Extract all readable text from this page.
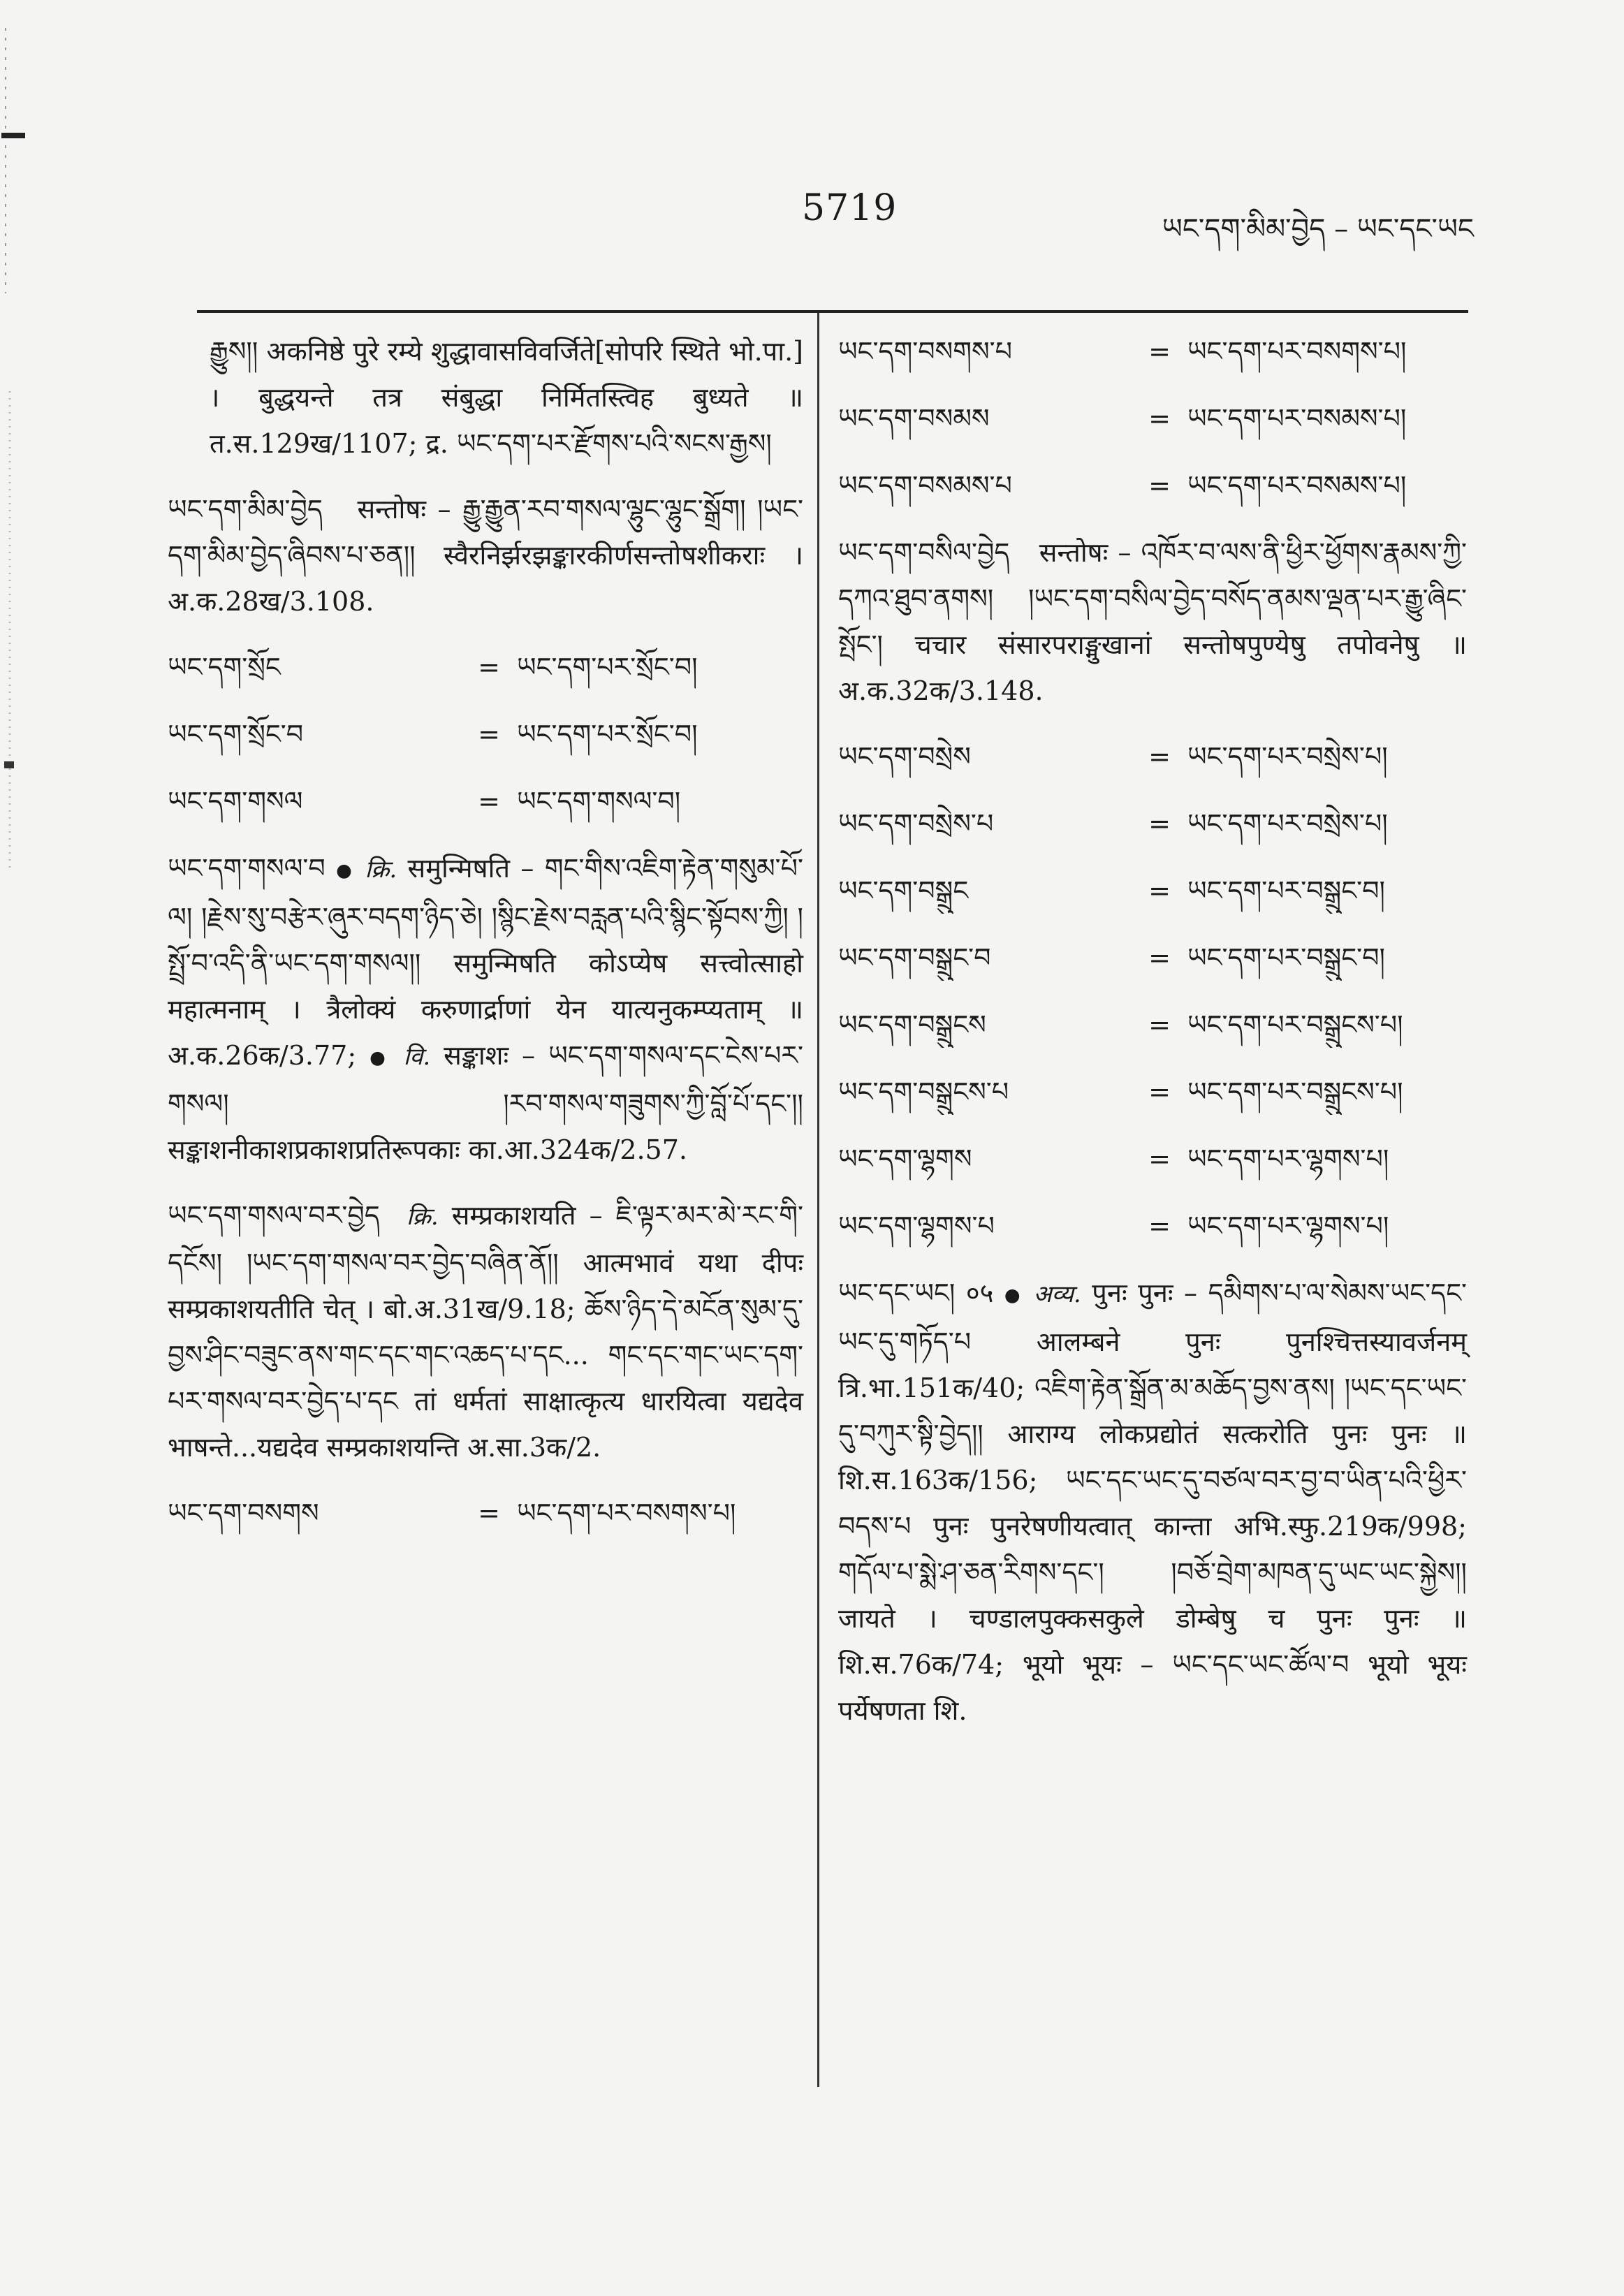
5719	ཡང་དག་མིམ་བྱེད – ཡང་དང་ཡང

རྒྱུས།། अकनिष्ठे पुरे रम्ये शुद्धावासविवर्जिते[सोपरि स्थिते भो.पा.] । बुद्धयन्ते तत्र संबुद्धा निर्मितस्त्विह बुध्यते ॥ त.स.129ख/1107; द्र. ཡང་དག་པར་རྫོགས་པའི་སངས་རྒྱས།

ཡང་དག་མིམ་བྱེད सन्तोषः – རྒྱུ་རྒྱུན་རབ་གསལ་ལྷུང་ལྷུང་སྒྲོག། །ཡང་དག་མིམ་བྱེད་ཞིབས་པ་ཅན།། स्वैरनिर्झरझङ्कारकीर्णसन्तोषशीकराः । अ.क.28ख/3.108.

ཡང་དག་སྲོང	= ཡང་དག་པར་སྲོང་བ།
ཡང་དག་སྲོང་བ	= ཡང་དག་པར་སྲོང་བ།
ཡང་དག་གསལ	= ཡང་དག་གསལ་བ།

ཡང་དག་གསལ་བ ● क्रि. समुन्मिषति – གང་གིས་འཇིག་རྟེན་གསུམ་པོ་ལ། །རྗེས་སུ་བརྩེར་ཞུར་བདག་ཉིད་ཅེ། །སྙིང་རྗེས་བརླན་པའི་སྙིང་སྟོབས་ཀྱི། །སྤྲོ་བ་འདི་ནི་ཡང་དག་གསལ།། समुन्मिषति कोऽप्येष सत्त्वोत्साहो महात्मनाम् । त्रैलोक्यं करुणार्द्राणां येन यात्यनुकम्प्यताम् ॥ अ.क.26क/3.77; ● वि. सङ्काशः – ཡང་དག་གསལ་དང་ངེས་པར་གསལ། །རབ་གསལ་གཟུགས་ཀྱི་བློ་པོ་དང་།། सङ्काशनीकाशप्रकाशप्रतिरूपकाः का.आ.324क/2.57.

ཡང་དག་གསལ་བར་བྱེད क्रि. सम्प्रकाशयति – ཇི་ལྟར་མར་མེ་རང་གི་དངོས། །ཡང་དག་གསལ་བར་བྱེད་བཞིན་ནོ།། आत्मभावं यथा दीपः सम्प्रकाशयतीति चेत् । बो.अ.31ख/9.18; ཆོས་ཉིད་དེ་མངོན་སུམ་དུ་བྱས་ཤིང་བཟུང་ནས་གང་དང་གང་འཆད་པ་དང... གང་དང་གང་ཡང་དག་པར་གསལ་བར་བྱེད་པ་དང तां धर्मतां साक्षात्कृत्य धारयित्वा यद्यदेव भाषन्ते...यद्यदेव सम्प्रकाशयन्ति अ.सा.3क/2.

ཡང་དག་བསགས	= ཡང་དག་པར་བསགས་པ།
ཡང་དག་བསགས་པ	= ཡང་དག་པར་བསགས་པ།
ཡང་དག་བསམས	= ཡང་དག་པར་བསམས་པ།
ཡང་དག་བསམས་པ	= ཡང་དག་པར་བསམས་པ།

ཡང་དག་བསིལ་བྱེད सन्तोषः – འཁོར་བ་ལས་ནི་ཕྱིར་ཕྱོགས་རྣམས་ཀྱི་དཀའ་ཐུབ་ནགས། །ཡང་དག་བསིལ་བྱེད་བསོད་ནམས་ལྡན་པར་རྒྱུ་ཞིང་སྤོང་། चचार संसारपराङ्मुखानां सन्तोषपुण्येषु तपोवनेषु ॥ अ.क.32क/3.148.

ཡང་དག་བསྲེས	= ཡང་དག་པར་བསྲེས་པ།
ཡང་དག་བསྲེས་པ	= ཡང་དག་པར་བསྲེས་པ།
ཡང་དག་བསྒྲུང	= ཡང་དག་པར་བསྒྲུང་བ།
ཡང་དག་བསྒྲུང་བ	= ཡང་དག་པར་བསྒྲུང་བ།
ཡང་དག་བསྒྲུངས	= ཡང་དག་པར་བསྒྲུངས་པ།
ཡང་དག་བསྒྲུངས་པ	= ཡང་དག་པར་བསྒྲུངས་པ།
ཡང་དག་ལྷགས	= ཡང་དག་པར་ལྷགས་པ།
ཡང་དག་ལྷགས་པ	= ཡང་དག་པར་ལྷགས་པ།

ཡང་དང་ཡང། ०५ ● अव्य. पुनः पुनः – དམིགས་པ་ལ་སེམས་ཡང་དང་ཡང་དུ་གཏོད་པ आलम्बने पुनः पुनश्चित्तस्यावर्जनम् त्रि.भा.151क/40; འཇིག་རྟེན་སྒྲོན་མ་མཆོད་བྱས་ནས། །ཡང་དང་ཡང་དུ་བཀུར་སྟི་བྱེད།། आराग्य लोकप्रद्योतं सत्करोति पुनः पुनः ॥ शि.स.163क/156; ཡང་དང་ཡང་དུ་བཙལ་བར་བྱ་བ་ཡིན་པའི་ཕྱིར་བདས་པ पुनः पुनरेषणीयत्वात् कान्ता अभि.स्फु.219क/998; གདོལ་པ་སྨེ་ཤ་ཅན་རིགས་དང་། །བཅོ་བྲེག་མཁན་དུ་ཡང་ཡང་སྐྱེས།། जायते । चण्डालपुक्कसकुले डोम्बेषु च पुनः पुनः ॥ शि.स.76क/74; भूयो भूयः – ཡང་དང་ཡང་ཚོལ་བ भूयो भूयः पर्येषणता शि.
